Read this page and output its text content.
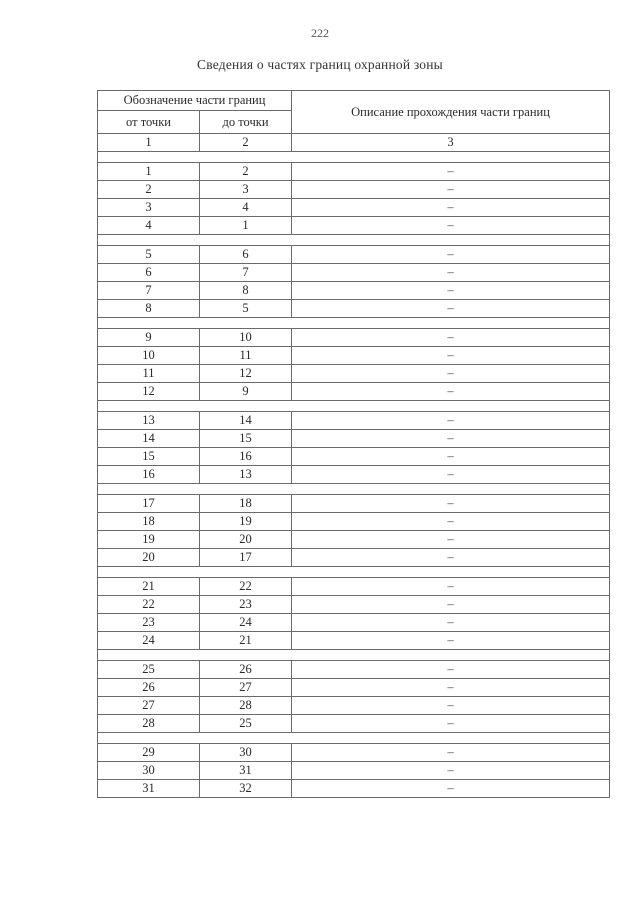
222
Сведения о частях границ охранной зоны
Обозначение части границ		Описание прохождения части границ
от точки	до точки	
1	2	3

1	2	–
2	3	–
3	4	–
4	1	–

5	6	–
6	7	–
7	8	–
8	5	–

9	10	–
10	11	–
11	12	–
12	9	–

13	14	–
14	15	–
15	16	–
16	13	–

17	18	–
18	19	–
19	20	–
20	17	–

21	22	–
22	23	–
23	24	–
24	21	–

25	26	–
26	27	–
27	28	–
28	25	–

29	30	–
30	31	–
31	32	–
